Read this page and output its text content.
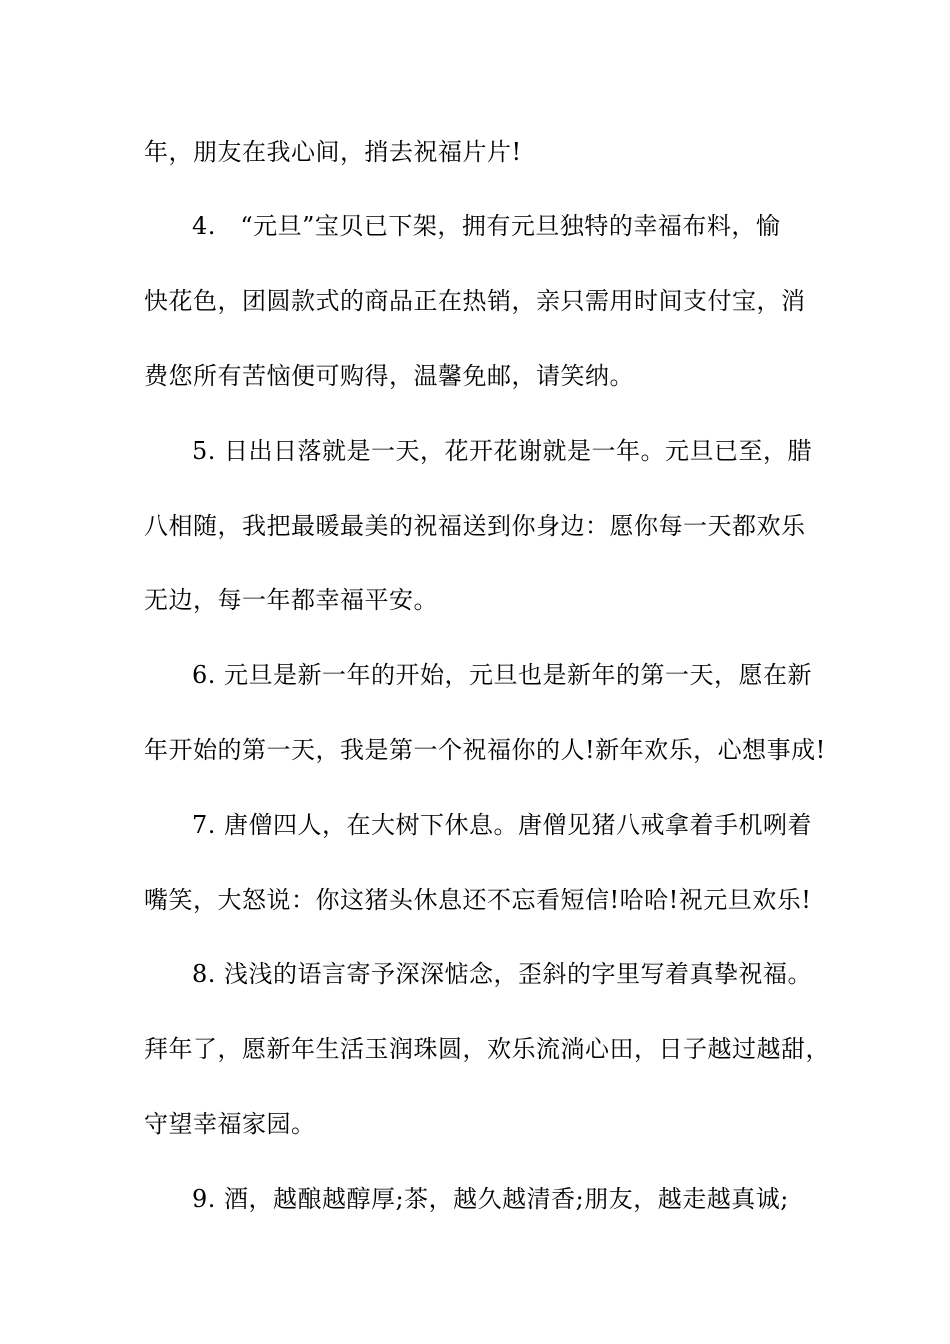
年，朋友在我心间，捎去祝福片片!
4.　“元旦”宝贝已下架，拥有元旦独特的幸福布料，愉
快花色，团圆款式的商品正在热销，亲只需用时间支付宝，消
费您所有苦恼便可购得，温馨免邮，请笑纳。
5. 日出日落就是一天，花开花谢就是一年。元旦已至，腊
八相随，我把最暖最美的祝福送到你身边：愿你每一天都欢乐
无边，每一年都幸福平安。
6. 元旦是新一年的开始，元旦也是新年的第一天，愿在新
年开始的第一天，我是第一个祝福你的人!新年欢乐，心想事成!
7. 唐僧四人，在大树下休息。唐僧见猪八戒拿着手机咧着
嘴笑，大怒说：你这猪头休息还不忘看短信!哈哈!祝元旦欢乐!
8. 浅浅的语言寄予深深惦念，歪斜的字里写着真挚祝福。
拜年了，愿新年生活玉润珠圆，欢乐流淌心田，日子越过越甜，
守望幸福家园。
9. 酒，越酿越醇厚;茶，越久越清香;朋友，越走越真诚;
